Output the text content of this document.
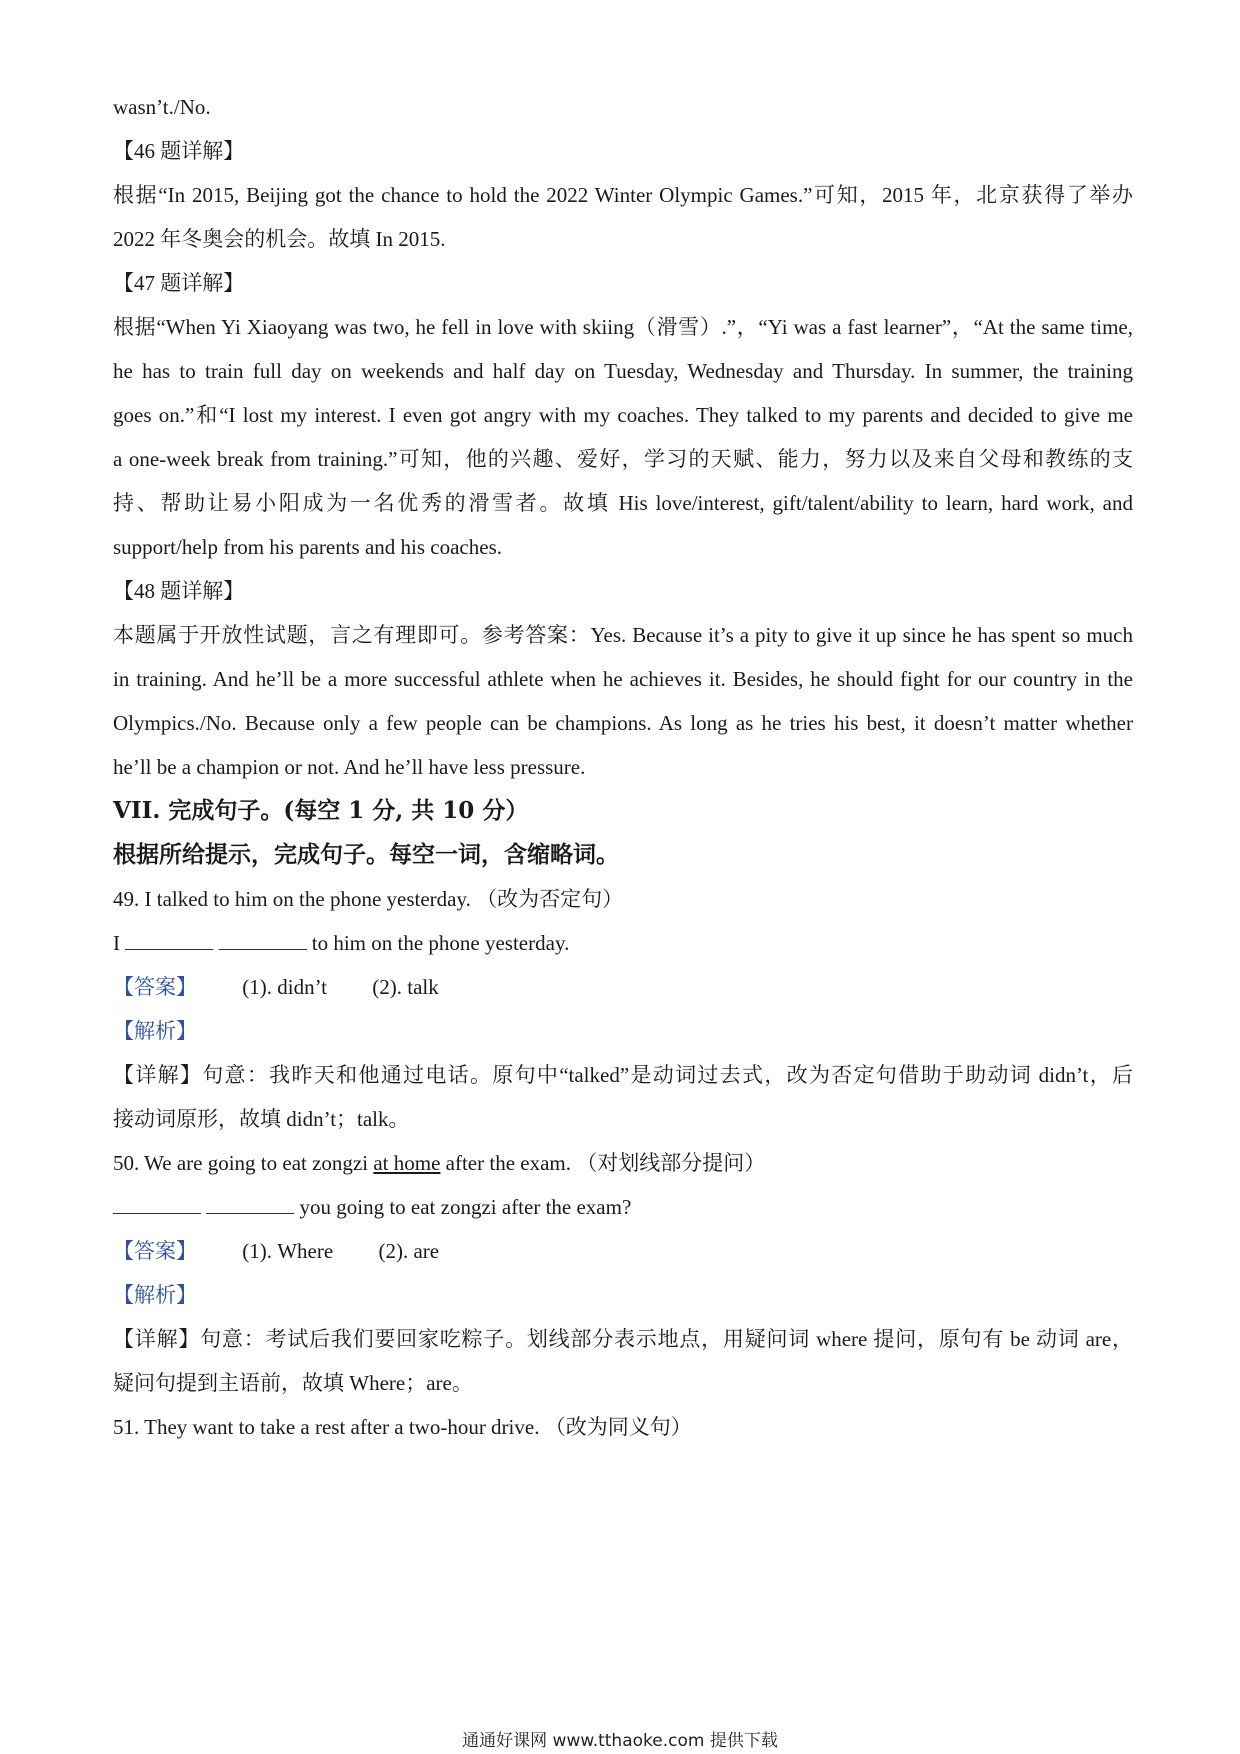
wasn’t./No.
【46 题详解】
根据“In 2015, Beijing got the chance to hold the 2022 Winter Olympic Games.”可知，2015 年，北京获得了举办
2022 年冬奥会的机会。故填 In 2015.
【47 题详解】
根据“When Yi Xiaoyang was two, he fell in love with skiing（滑雪）.”，“Yi was a fast learner”，“At the same time,
he has to train full day on weekends and half day on Tuesday, Wednesday and Thursday. In summer, the training
goes on.”和“I lost my interest. I even got angry with my coaches. They talked to my parents and decided to give me
a one-week break from training.”可知，他的兴趣、爱好，学习的天赋、能力，努力以及来自父母和教练的支
持、帮助让易小阳成为一名优秀的滑雪者。故填 His love/interest, gift/talent/ability to learn, hard work, and
support/help from his parents and his coaches.
【48 题详解】
本题属于开放性试题，言之有理即可。参考答案：Yes. Because it’s a pity to give it up since he has spent so much
in training. And he’ll be a more successful athlete when he achieves it. Besides, he should fight for our country in the
Olympics./No. Because only a few people can be champions. As long as he tries his best, it doesn’t matter whether
he’ll be a champion or not. And he’ll have less pressure.
VII. 完成句子。(每空 1 分, 共 10 分）
根据所给提示，完成句子。每空一词，含缩略词。
49. I talked to him on the phone yesterday. （改为否定句）
I	to him on the phone yesterday.
【答案】 (1). didn’t (2). talk
【解析】
【详解】句意：我昨天和他通过电话。原句中“talked”是动词过去式，改为否定句借助于助动词 didn’t，后
接动词原形，故填 didn’t；talk。
50. We are going to eat zongzi at home after the exam. （对划线部分提问）
you going to eat zongzi after the exam?
【答案】 (1). Where (2). are
【解析】
【详解】句意：考试后我们要回家吃粽子。划线部分表示地点，用疑问词 where 提问，原句有 be 动词 are，
疑问句提到主语前，故填 Where；are。
51. They want to take a rest after a two-hour drive. （改为同义句）
通通好课网 www.tthaoke.com 提供下载
